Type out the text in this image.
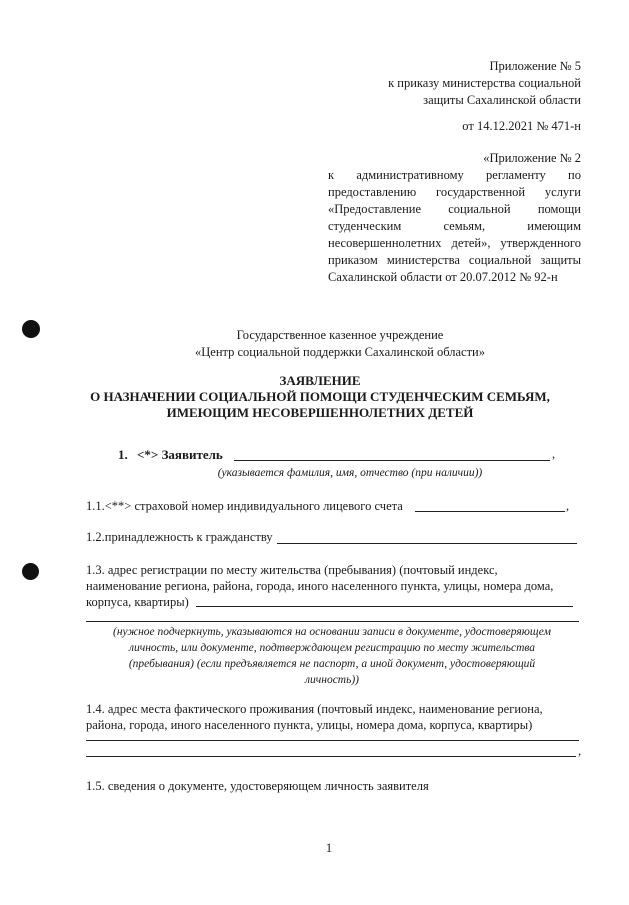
Приложение № 5
к приказу министерства социальной
защиты Сахалинской области
от 14.12.2021 № 471-н
«Приложение № 2
к административному регламенту по
предоставлению государственной услуги
«Предоставление социальной помощи
студенческим семьям, имеющим
несовершеннолетних детей», утвержденного
приказом министерства социальной защиты
Сахалинской области от 20.07.2012 № 92-н
Государственное казенное учреждение
«Центр социальной поддержки Сахалинской области»
ЗАЯВЛЕНИЕ
О НАЗНАЧЕНИИ СОЦИАЛЬНОЙ ПОМОЩИ СТУДЕНЧЕСКИМ СЕМЬЯМ,
ИМЕЮЩИМ НЕСОВЕРШЕННОЛЕТНИХ ДЕТЕЙ
1. <*> Заявитель	,
(указывается фамилия, имя, отчество (при наличии))
1.1.<**> страховой номер индивидуального лицевого счета	,
1.2.принадлежность к гражданству
1.3. адрес регистрации по месту жительства (пребывания) (почтовый индекс,
наименование региона, района, города, иного населенного пункта, улицы, номера дома,
корпуса, квартиры)
(нужное подчеркнуть, указываются на основании записи в документе, удостоверяющем
личность, или документе, подтверждающем регистрацию по месту жительства
(пребывания) (если предъявляется не паспорт, а иной документ, удостоверяющий
личность))
1.4. адрес места фактического проживания (почтовый индекс, наименование региона,
района, города, иного населенного пункта, улицы, номера дома, корпуса, квартиры)
,
1.5. сведения о документе, удостоверяющем личность заявителя
1
